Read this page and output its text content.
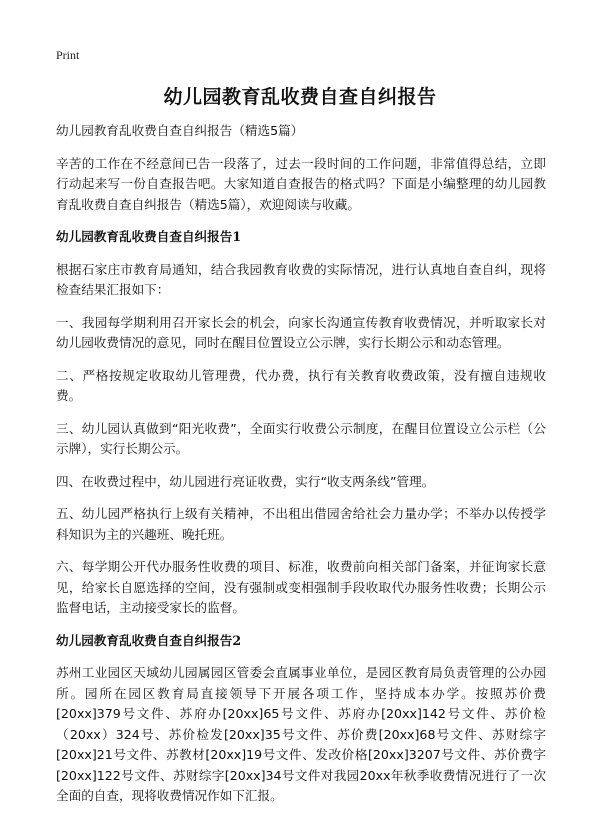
Print
幼儿园教育乱收费自查自纠报告

幼儿园教育乱收费自查自纠报告（精选5篇）

辛苦的工作在不经意间已告一段落了，过去一段时间的工作问题，非常值得总结，立即行动起来写一份自查报告吧。大家知道自查报告的格式吗？下面是小编整理的幼儿园教育乱收费自查自纠报告（精选5篇），欢迎阅读与收藏。

幼儿园教育乱收费自查自纠报告1

根据石家庄市教育局通知，结合我园教育收费的实际情况，进行认真地自查自纠，现将检查结果汇报如下：

一、我园每学期利用召开家长会的机会，向家长沟通宣传教育收费情况，并听取家长对幼儿园收费情况的意见，同时在醒目位置设立公示牌，实行长期公示和动态管理。

二、严格按规定收取幼儿管理费，代办费，执行有关教育收费政策，没有擅自违规收费。

三、幼儿园认真做到“阳光收费”，全面实行收费公示制度，在醒目位置设立公示栏（公示牌），实行长期公示。

四、在收费过程中，幼儿园进行亮证收费，实行“收支两条线”管理。

五、幼儿园严格执行上级有关精神，不出租出借园舍给社会力量办学；不举办以传授学科知识为主的兴趣班、晚托班。

六、每学期公开代办服务性收费的项目、标准，收费前向相关部门备案，并征询家长意见，给家长自愿选择的空间，没有强制或变相强制手段收取代办服务性收费；长期公示监督电话，主动接受家长的监督。

幼儿园教育乱收费自查自纠报告2

苏州工业园区天域幼儿园属园区管委会直属事业单位，是园区教育局负责管理的公办园所。园所在园区教育局直接领导下开展各项工作，坚持成本办学。按照苏价费[20xx]379号文件、苏府办[20xx]65号文件、苏府办[20xx]142号文件、苏价检（20xx）324号、苏价检发[20xx]35号文件、苏价费[20xx]68号文件、苏财综字[20xx]21号文件、苏教材[20xx]19号文件、发改价格[20xx]3207号文件、苏价费字[20xx]122号文件、苏财综字[20xx]34号文件对我园20xx年秋季收费情况进行了一次全面的自查，现将收费情况作如下汇报。
